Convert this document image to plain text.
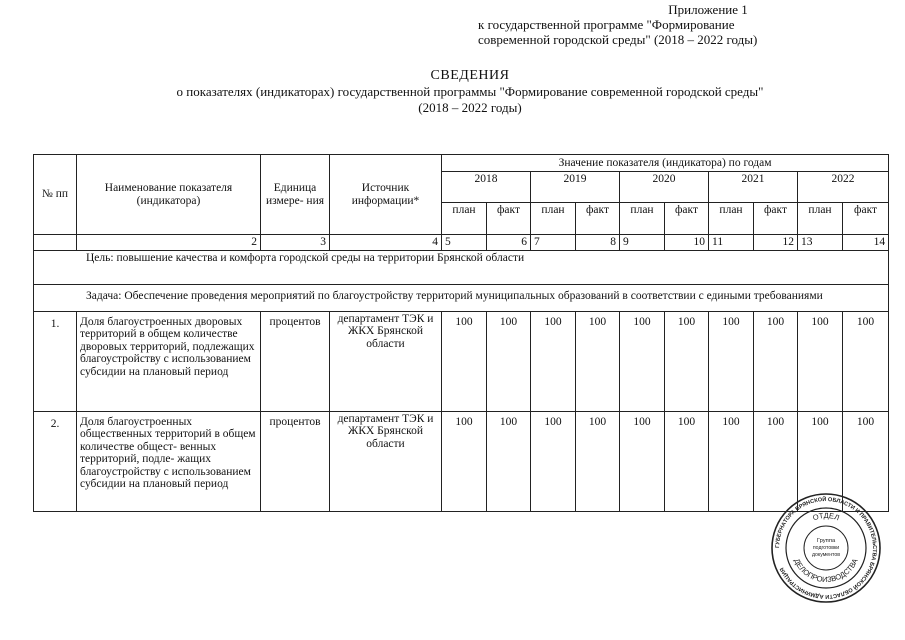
Приложение 1
к государственной программе "Формирование
современной городской среды" (2018 – 2022 годы)
СВЕДЕНИЯ
о показателях (индикаторах) государственной программы "Формирование современной городской среды"
(2018 – 2022 годы)
№ пп	Наименование показателя (индикатора)	Единица измере- ния	Источник информации*	Значение показателя (индикатора) по годам									
				2018		2019		2020		2021		2022	
				план	факт	план	факт	план	факт	план	факт	план	факт
	2	3	4	5	6	7	8	9	10	11	12	13	14
Цель: повышение качества и комфорта городской среды на территории Брянской области													
Задача: Обеспечение проведения мероприятий по благоустройству территорий муниципальных образований в соответствии с едиными требованиями													
1.	Доля благоустроенных дворовых территорий в общем количестве дворовых территорий, подлежащих благоустройству с использованием субсидии на плановый период	процентов	департамент ТЭК и ЖКХ Брянской области	100	100	100	100	100	100	100	100	100	100
2.	Доля благоустроенных общественных территорий в общем количестве общест- венных территорий, подле- жащих благоустройству с использованием субсидии на плановый период	процентов	департамент ТЭК и ЖКХ Брянской области	100	100	100	100	100	100	100	100	100	100
ГУБЕРНАТОРА БРЯНСКОЙ ОБЛАСТИ И ПРАВИТЕЛЬСТВА БРЯНСКОЙ ОБЛАСТИ АДМИНИСТРАЦИЯ
ОТДЕЛ
ДЕЛОПРОИЗВОДСТВА
Группа
подготовки
документов
